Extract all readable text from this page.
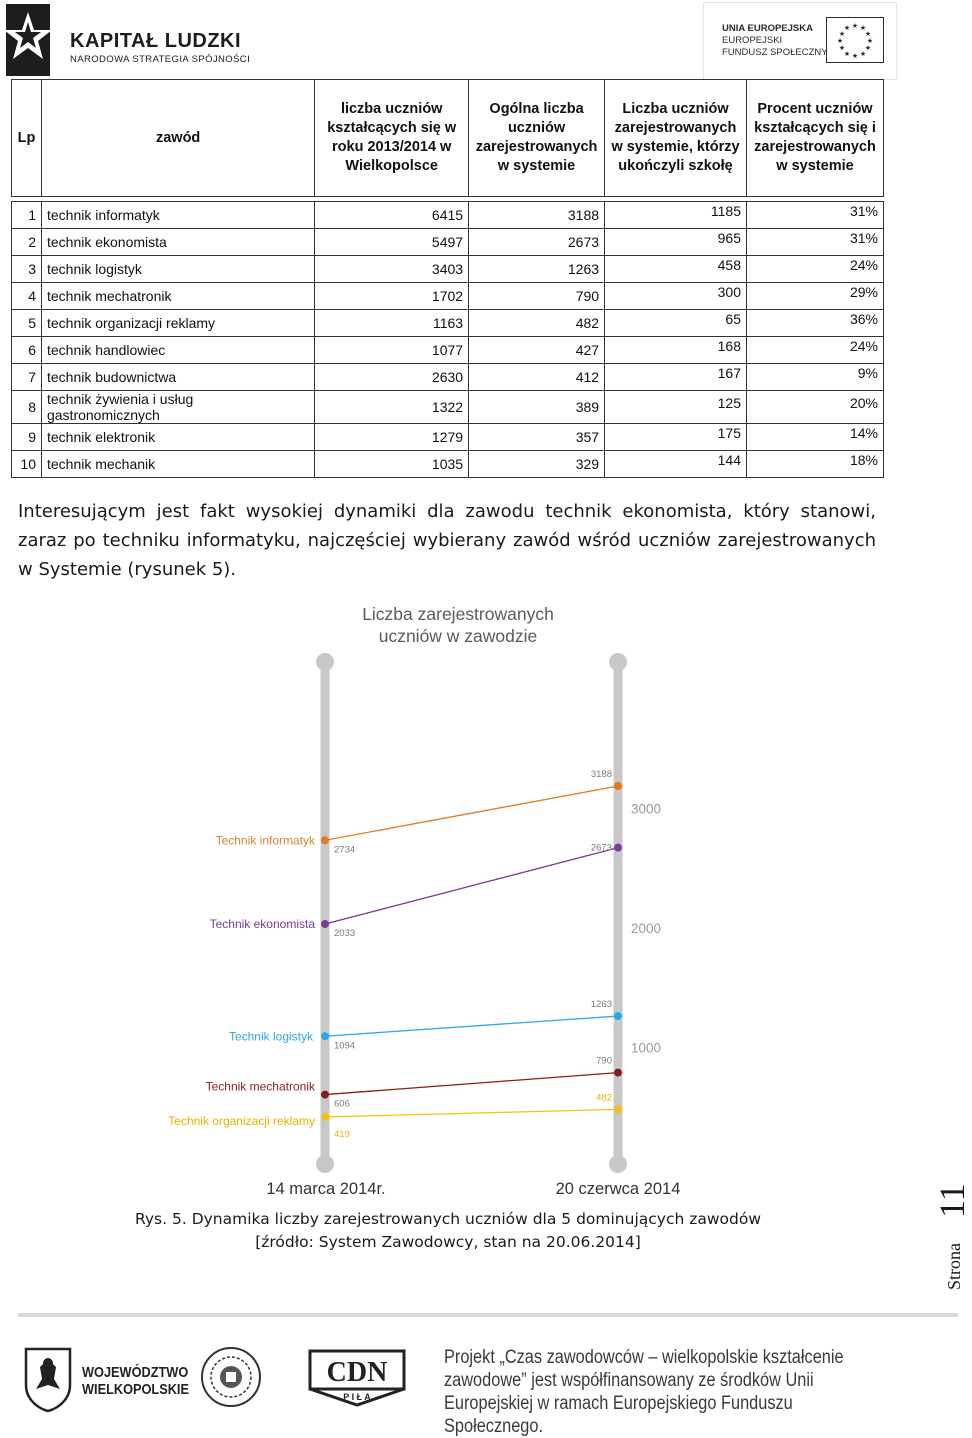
KAPITAŁ LUDZKI
NARODOWA STRATEGIA SPÓJNOŚCI
UNIA EUROPEJSKA
EUROPEJSKI
FUNDUSZ SPOŁECZNY
★ ★
★
★
★
★
★
★
★
★
★
★
Lp	zawód	liczba uczniów kształcących się w roku 2013/2014 w Wielkopolsce	Ogólna liczba uczniów zarejestrowanych w systemie	Liczba uczniów zarejestrowanych w systemie, którzy ukończyli szkołę	Procent uczniów kształcących się i zarejestrowanych w systemie

1	technik informatyk	6415	3188	1185	31%
2	technik ekonomista	5497	2673	965	31%
3	technik logistyk	3403	1263	458	24%
4	technik mechatronik	1702	790	300	29%
5	technik organizacji reklamy	1163	482	65	36%
6	technik handlowiec	1077	427	168	24%
7	technik budownictwa	2630	412	167	9%
8	technik żywienia i usług gastronomicznych	1322	389	125	20%
9	technik elektronik	1279	357	175	14%
10	technik mechanik	1035	329	144	18%
Interesującym jest fakt wysokiej dynamiki dla zawodu technik ekonomista, który stanowi, zaraz po techniku informatyku, najczęściej wybierany zawód wśród uczniów zarejestrowanych w Systemie (rysunek 5).
Liczba zarejestrowanych
uczniów w zawodzie
Technik informatyk
2734
3188
Technik ekonomista
2033
2673
Technik logistyk
1094
1263
Technik mechatronik
606
790
Technik organizacji reklamy
419
482
3000
2000
1000
14 marca 2014r.	20 czerwca 2014
Rys. 5. Dynamika liczby zarejestrowanych uczniów dla 5 dominujących zawodów
[źródło: System Zawodowcy, stan na 20.06.2014]
Strona
11
WOJEWÓDZTWO
WIELKOPOLSKIE
CDN
P I Ł A
Projekt „Czas zawodowców – wielkopolskie kształcenie zawodowe” jest współfinansowany ze środków Unii Europejskiej w ramach Europejskiego Funduszu Społecznego.
